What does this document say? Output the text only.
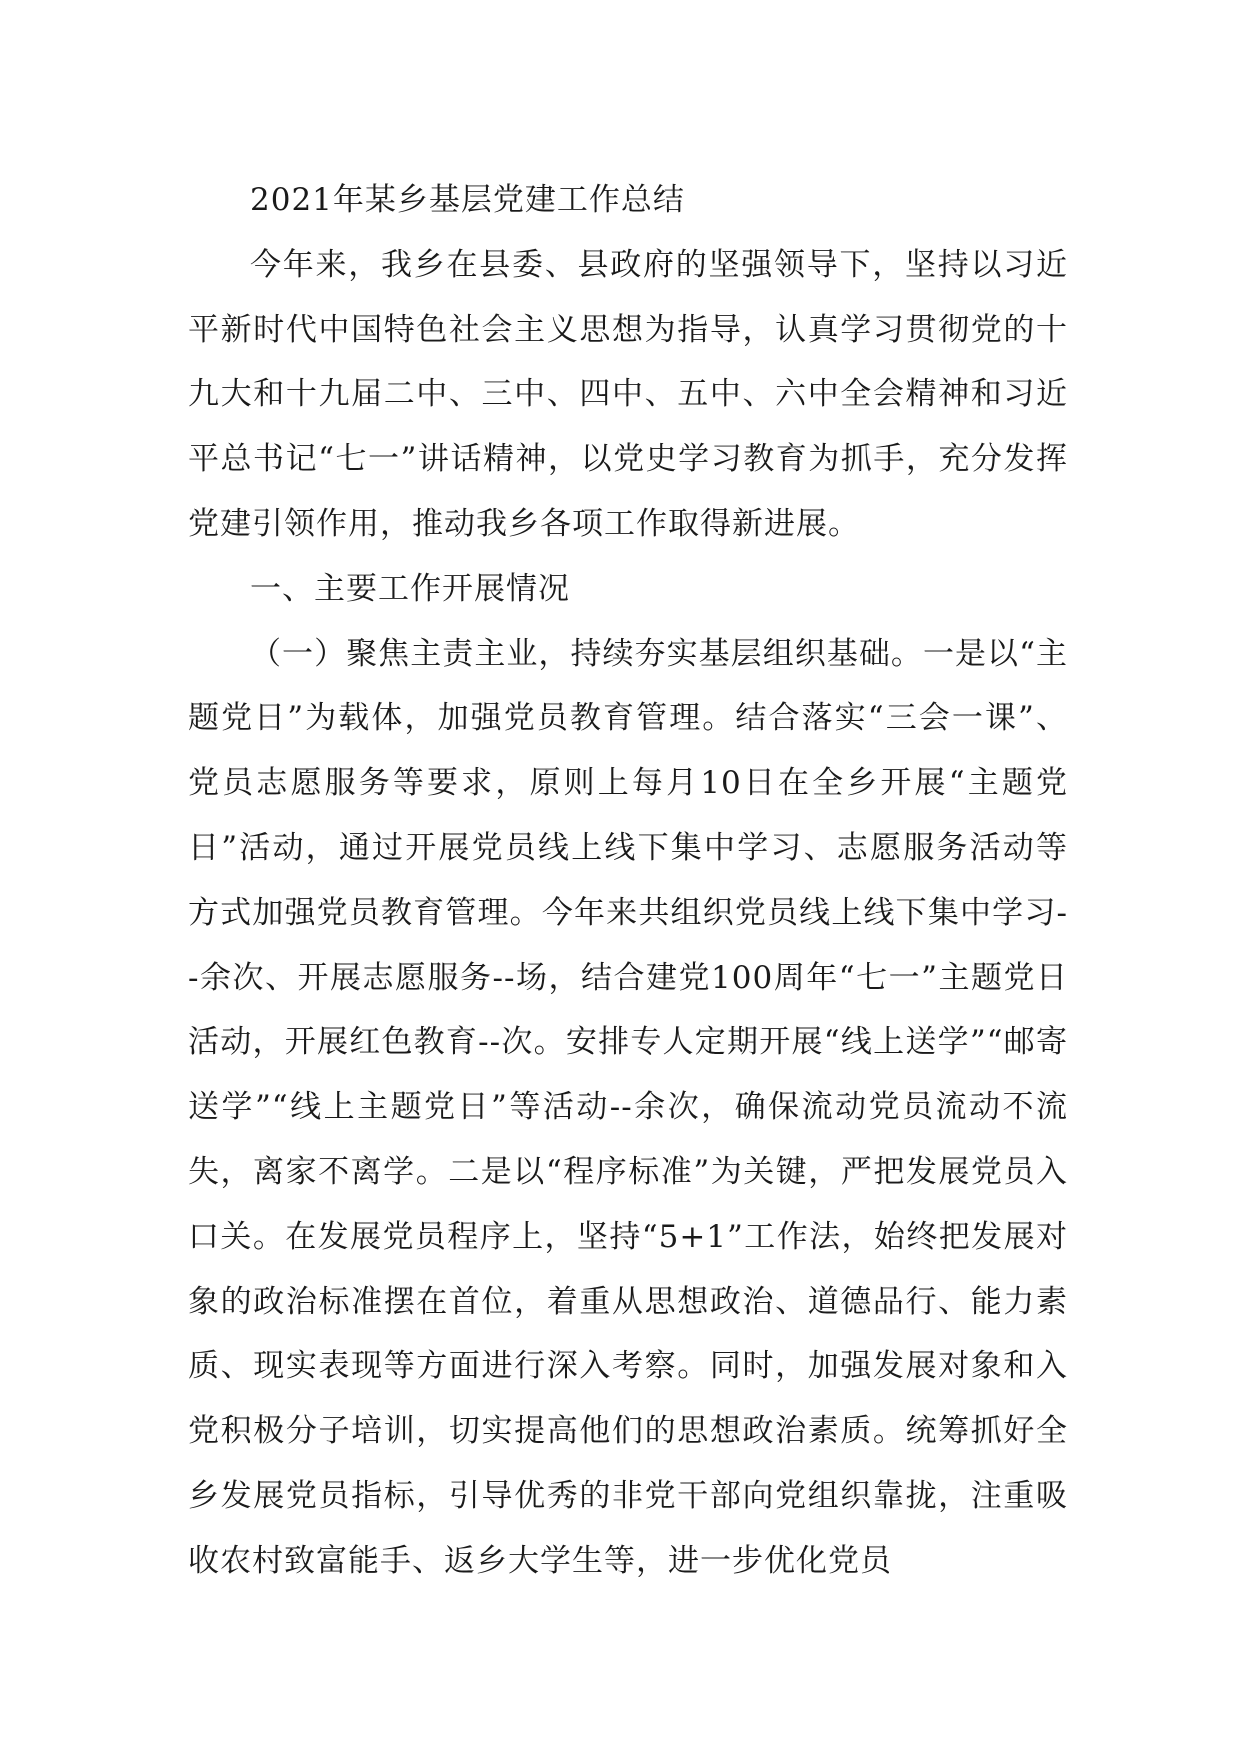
2021年某乡基层党建工作总结

今年来，我乡在县委、县政府的坚强领导下，坚持以习近平新时代中国特色社会主义思想为指导，认真学习贯彻党的十九大和十九届二中、三中、四中、五中、六中全会精神和习近平总书记“七一”讲话精神，以党史学习教育为抓手，充分发挥党建引领作用，推动我乡各项工作取得新进展。

一、主要工作开展情况

（一）聚焦主责主业，持续夯实基层组织基础。一是以“主题党日”为载体，加强党员教育管理。结合落实“三会一课”、党员志愿服务等要求，原则上每月10日在全乡开展“主题党日”活动，通过开展党员线上线下集中学习、志愿服务活动等方式加强党员教育管理。今年来共组织党员线上线下集中学习--余次、开展志愿服务--场，结合建党100周年“七一”主题党日活动，开展红色教育--次。安排专人定期开展“线上送学”“邮寄送学”“线上主题党日”等活动--余次，确保流动党员流动不流失，离家不离学。二是以“程序标准”为关键，严把发展党员入口关。在发展党员程序上，坚持“5+1”工作法，始终把发展对象的政治标准摆在首位，着重从思想政治、道德品行、能力素质、现实表现等方面进行深入考察。同时，加强发展对象和入党积极分子培训，切实提高他们的思想政治素质。统筹抓好全乡发展党员指标，引导优秀的非党干部向党组织靠拢，注重吸收农村致富能手、返乡大学生等，进一步优化党员
